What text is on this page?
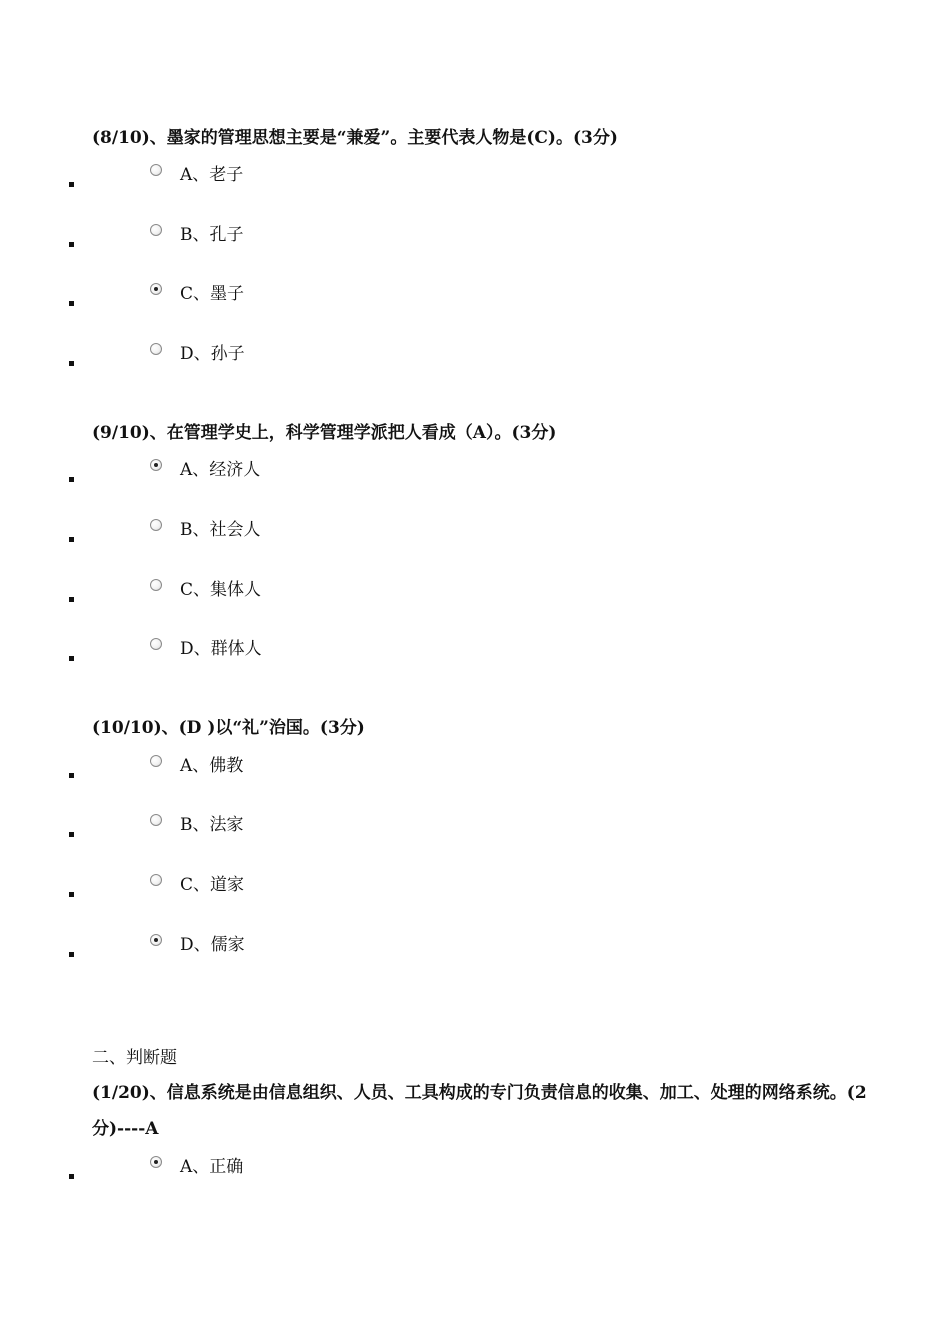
(8/10)、墨家的管理思想主要是“兼爱”。主要代表人物是(C)。(3分)
A、老子
B、孔子
C、墨子
D、孙子
(9/10)、在管理学史上，科学管理学派把人看成（A）。(3分)
A、经济人
B、社会人
C、集体人
D、群体人
(10/10)、(D )以“礼”治国。(3分)
A、佛教
B、法家
C、道家
D、儒家
二、判断题
(1/20)、信息系统是由信息组织、人员、工具构成的专门负责信息的收集、加工、处理的网络系统。(2分)----A
A、正确
